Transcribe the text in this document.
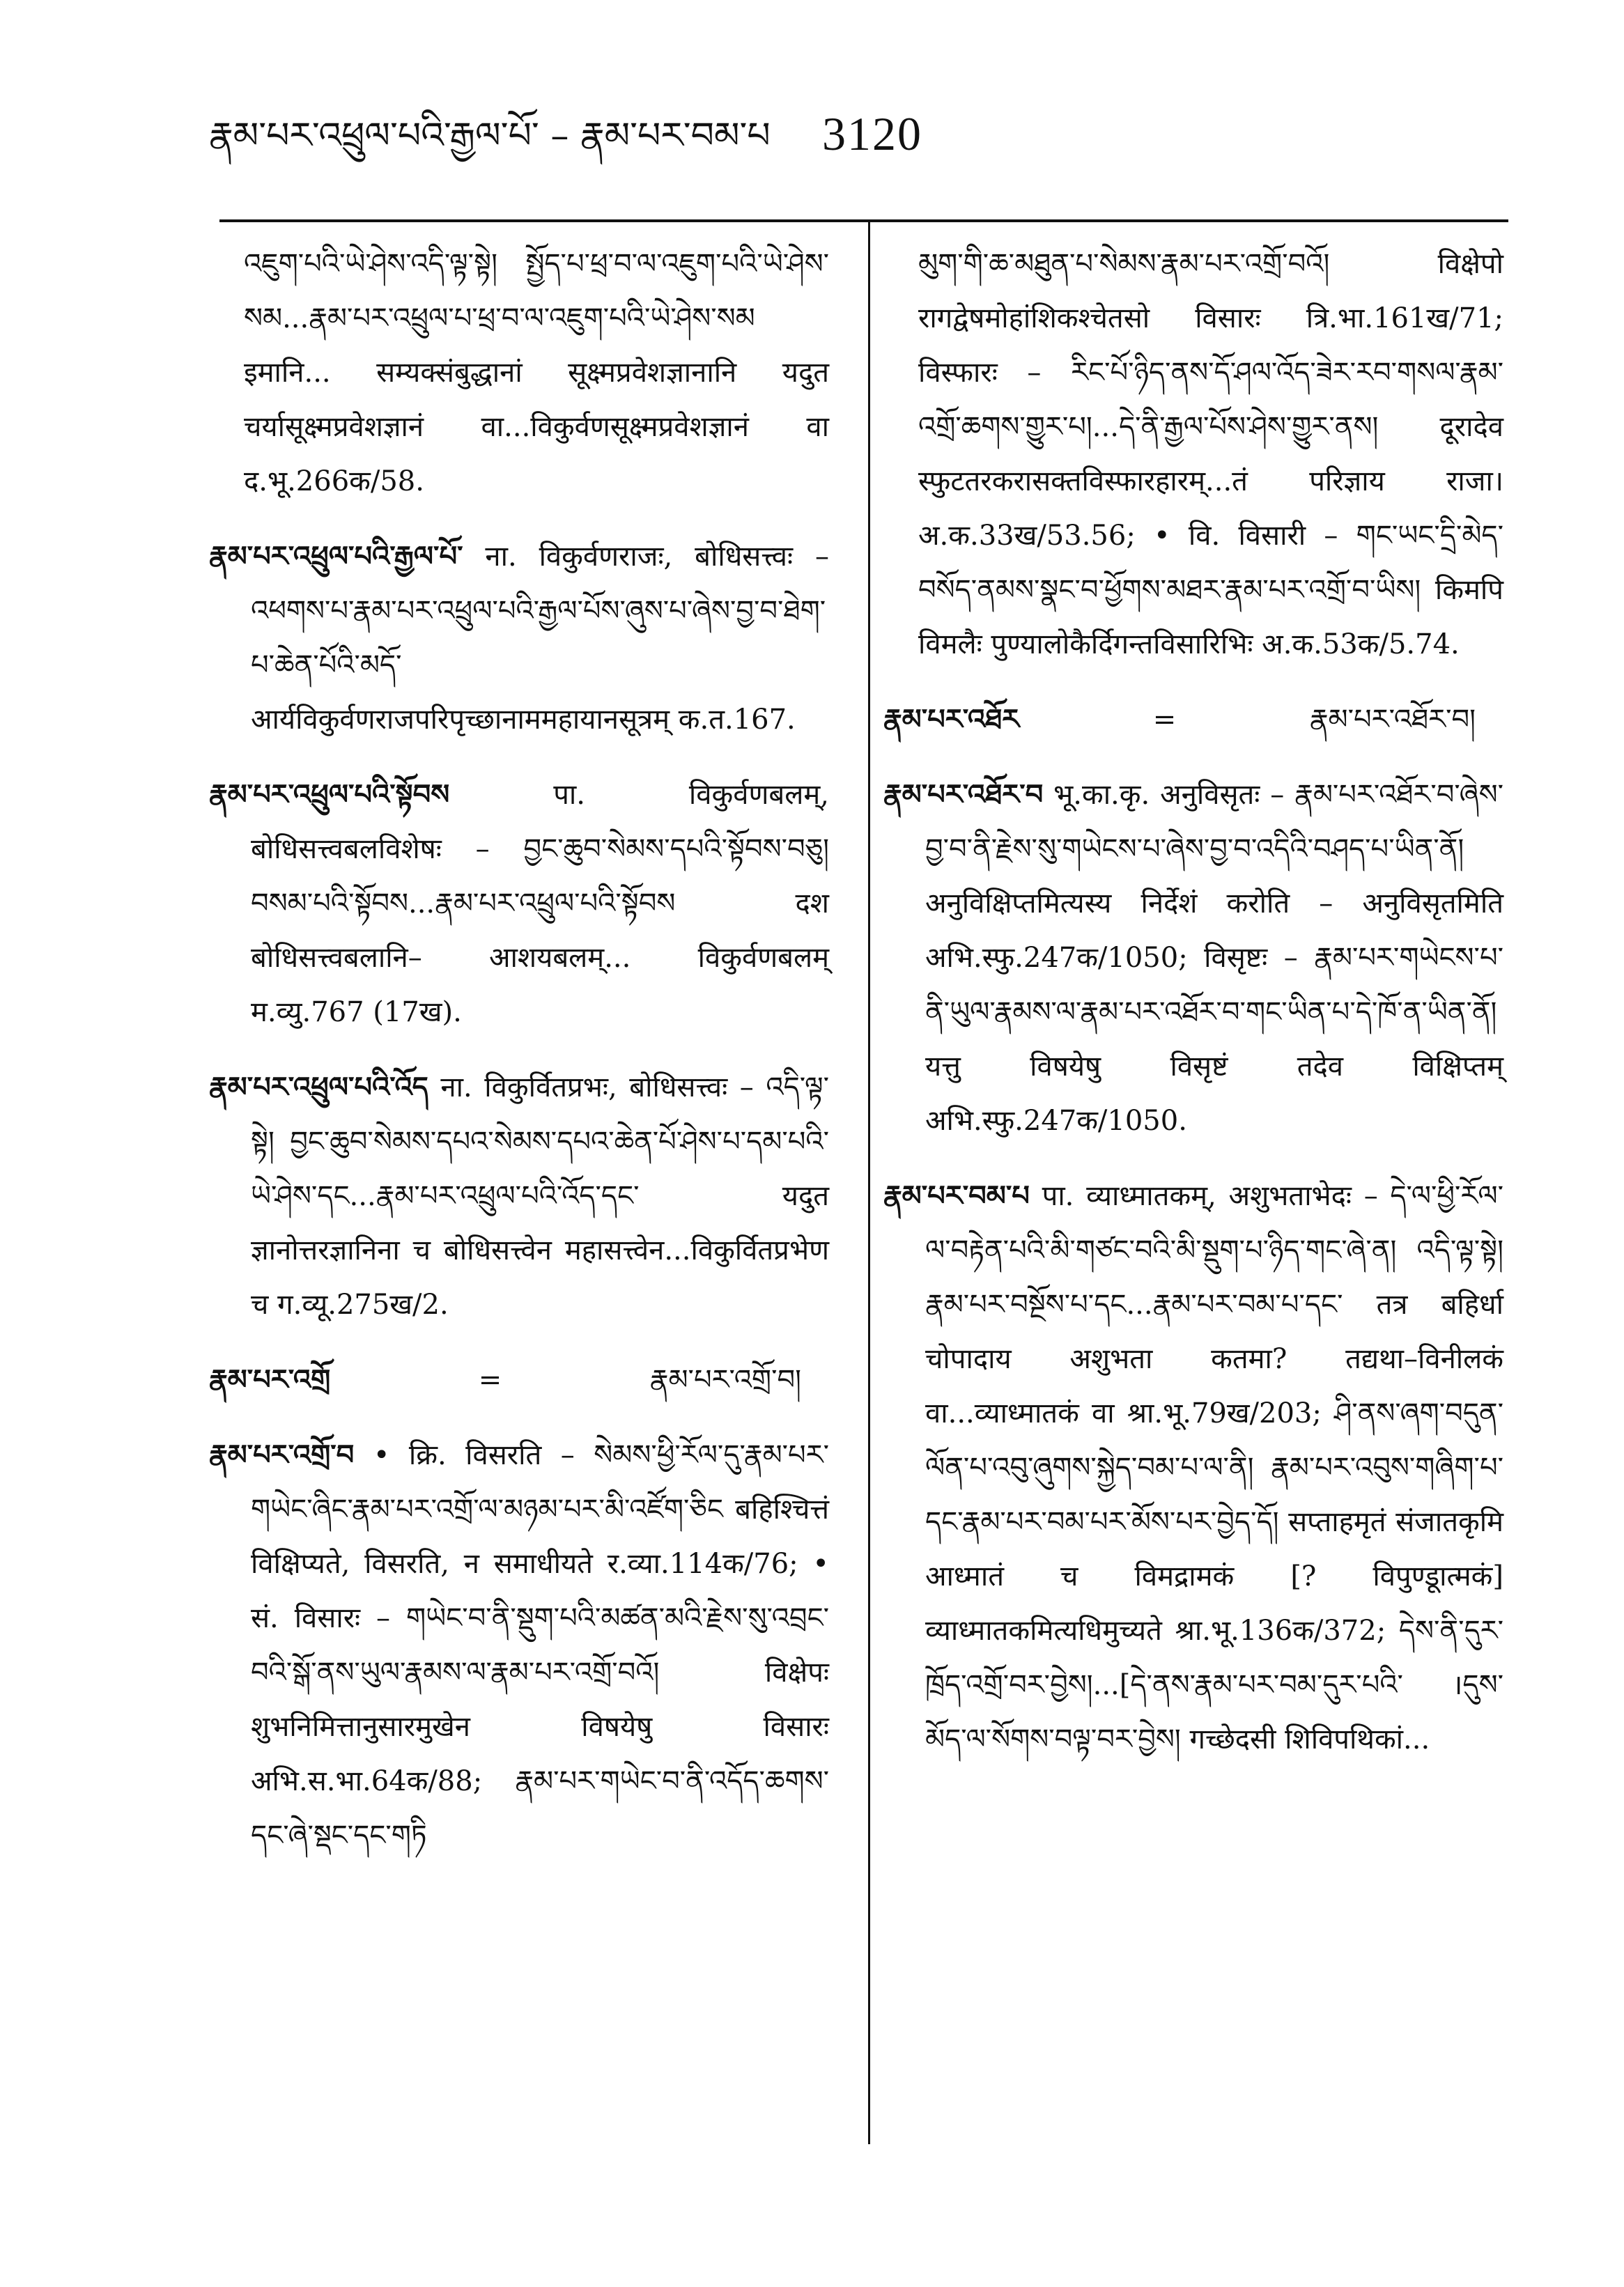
རྣམ་པར་འཕྲུལ་པའི་རྒྱལ་པོ་ – རྣམ་པར་བམ་པ 3120

འཇུག་པའི་ཡེ་ཤེས་འདི་ལྟ་སྟེ། སྤྱོད་པ་ཕྲ་བ་ལ་འཇུག་པའི་ཡེ་ཤེས་སམ...རྣམ་པར་འཕྲུལ་པ་ཕྲ་བ་ལ་འཇུག་པའི་ཡེ་ཤེས་སམ इमानि... सम्यक्संबुद्धानां सूक्ष्मप्रवेशज्ञानानि यदुत चर्यासूक्ष्मप्रवेशज्ञानं वा...विकुर्वणसूक्ष्मप्रवेशज्ञानं वा द.भू.266क/58.

རྣམ་པར་འཕྲུལ་པའི་རྒྱལ་པོ་ ना. विकुर्वणराजः, बोधिसत्त्वः – འཕགས་པ་རྣམ་པར་འཕྲུལ་པའི་རྒྱལ་པོས་ཞུས་པ་ཞེས་བྱ་བ་ཐེག་པ་ཆེན་པོའི་མདོ་ आर्यविकुर्वणराजपरिपृच्छानाममहायानसूत्रम् क.त.167.

རྣམ་པར་འཕྲུལ་པའི་སྟོབས	पा. विकुर्वणबलम्, बोधिसत्त्वबलविशेषः – བྱང་ཆུབ་སེམས་དཔའི་སྟོབས་བཅུ། བསམ་པའི་སྟོབས...རྣམ་པར་འཕྲུལ་པའི་སྟོབས दश बोधिसत्त्वबलानि– आशयबलम्... विकुर्वणबलम् म.व्यु.767 (17ख).

རྣམ་པར་འཕྲུལ་པའི་འོད ना. विकुर्वितप्रभः, बोधिसत्त्वः – འདི་ལྟ་སྟེ། བྱང་ཆུབ་སེམས་དཔའ་སེམས་དཔའ་ཆེན་པོ་ཤེས་པ་དམ་པའི་ཡེ་ཤེས་དང...རྣམ་པར་འཕྲུལ་པའི་འོད་དང་ यदुत ज्ञानोत्तरज्ञानिना च बोधिसत्त्वेन महासत्त्वेन...विकुर्वितप्रभेण च ग.व्यू.275ख/2.

རྣམ་པར་འགྲོ	=	རྣམ་པར་འགྲོ་བ།

རྣམ་པར་འགྲོ་བ • क्रि. विसरति – སེམས་ཕྱི་རོལ་དུ་རྣམ་པར་གཡེང་ཞིང་རྣམ་པར་འགྲོ་ལ་མཉམ་པར་མི་འཛོག་ཅིང बहिश्चित्तं विक्षिप्यते, विसरति, न समाधीयते र.व्या.114क/76; • सं. विसारः – གཡེང་བ་ནི་སྡུག་པའི་མཚན་མའི་རྗེས་སུ་འབྲང་བའི་སྒོ་ནས་ཡུལ་རྣམས་ལ་རྣམ་པར་འགྲོ་བའོ། विक्षेपः शुभनिमित्तानुसारमुखेन विषयेषु विसारः अभि.स.भा.64क/88; རྣམ་པར་གཡེང་བ་ནི་འདོད་ཆགས་དང་ཞེ་སྡང་དང་གཏི

མུག་གི་ཆ་མཐུན་པ་སེམས་རྣམ་པར་འགྲོ་བའོ། विक्षेपो रागद्वेषमोहांशिकश्चेतसो विसारः त्रि.भा.161ख/71; विस्फारः – རིང་པོ་ཉིད་ནས་དོ་ཤལ་འོད་ཟེར་རབ་གསལ་རྣམ་འགྲོ་ཆགས་གྱུར་པ།...དེ་ནི་རྒྱལ་པོས་ཤེས་གྱུར་ནས། दूरादेव स्फुटतरकरासक्तविस्फारहारम्...तं परिज्ञाय राजा। अ.क.33ख/53.56; • वि. विसारी – གང་ཡང་དྲི་མེད་བསོད་ནམས་སྣང་བ་ཕྱོགས་མཐར་རྣམ་པར་འགྲོ་བ་ཡིས། किमपि विमलैः पुण्यालोकैर्दिगन्तविसारिभिः अ.क.53क/5.74.

རྣམ་པར་འཐོར	=	རྣམ་པར་འཐོར་བ།

རྣམ་པར་འཐོར་བ भू.का.कृ. अनुविसृतः – རྣམ་པར་འཐོར་བ་ཞེས་བྱ་བ་ནི་རྗེས་སུ་གཡེངས་པ་ཞེས་བྱ་བ་འདིའི་བཤད་པ་ཡིན་ནོ། अनुविक्षिप्तमित्यस्य निर्देशं करोति – अनुविसृतमिति अभि.स्फु.247क/1050; विसृष्टः – རྣམ་པར་གཡེངས་པ་ནི་ཡུལ་རྣམས་ལ་རྣམ་པར་འཐོར་བ་གང་ཡིན་པ་དེ་ཁོ་ན་ཡིན་ནོ། यत्तु विषयेषु विसृष्टं तदेव विक्षिप्तम् अभि.स्फु.247क/1050.

རྣམ་པར་བམ་པ पा. व्याध्मातकम्, अशुभताभेदः – དེ་ལ་ཕྱི་རོལ་ལ་བརྟེན་པའི་མི་གཙང་བའི་མི་སྡུག་པ་ཉིད་གང་ཞེ་ན། འདི་ལྟ་སྟེ། རྣམ་པར་བསྔོས་པ་དང...རྣམ་པར་བམ་པ་དང་ तत्र बहिर्धा चोपादाय अशुभता कतमा? तद्यथा–विनीलकं वा...व्याध्मातकं वा श्रा.भू.79ख/203; ཤི་ནས་ཞག་བདུན་ལོན་པ་འབུ་ཞུགས་སྐྱེད་བམ་པ་ལ་ནི། རྣམ་པར་འབུས་གཞིག་པ་དང་རྣམ་པར་བམ་པར་མོས་པར་བྱེད་དོ། सप्ताहमृतं संजातकृमि आध्मातं च विमद्रामकं [? विपुण्डूात्मकं] व्याध्मातकमित्यधिमुच्यते श्रा.भू.136क/372; དེས་ནི་དུར་ཁྲོད་འགྲོ་བར་བྱེས།...[དེ་ནས་རྣམ་པར་བམ་དུར་པའི་ ।དུས་མོད་ལ་སོགས་བལྟ་བར་བྱེས། गच्छेदसी शिविपथिकां...
